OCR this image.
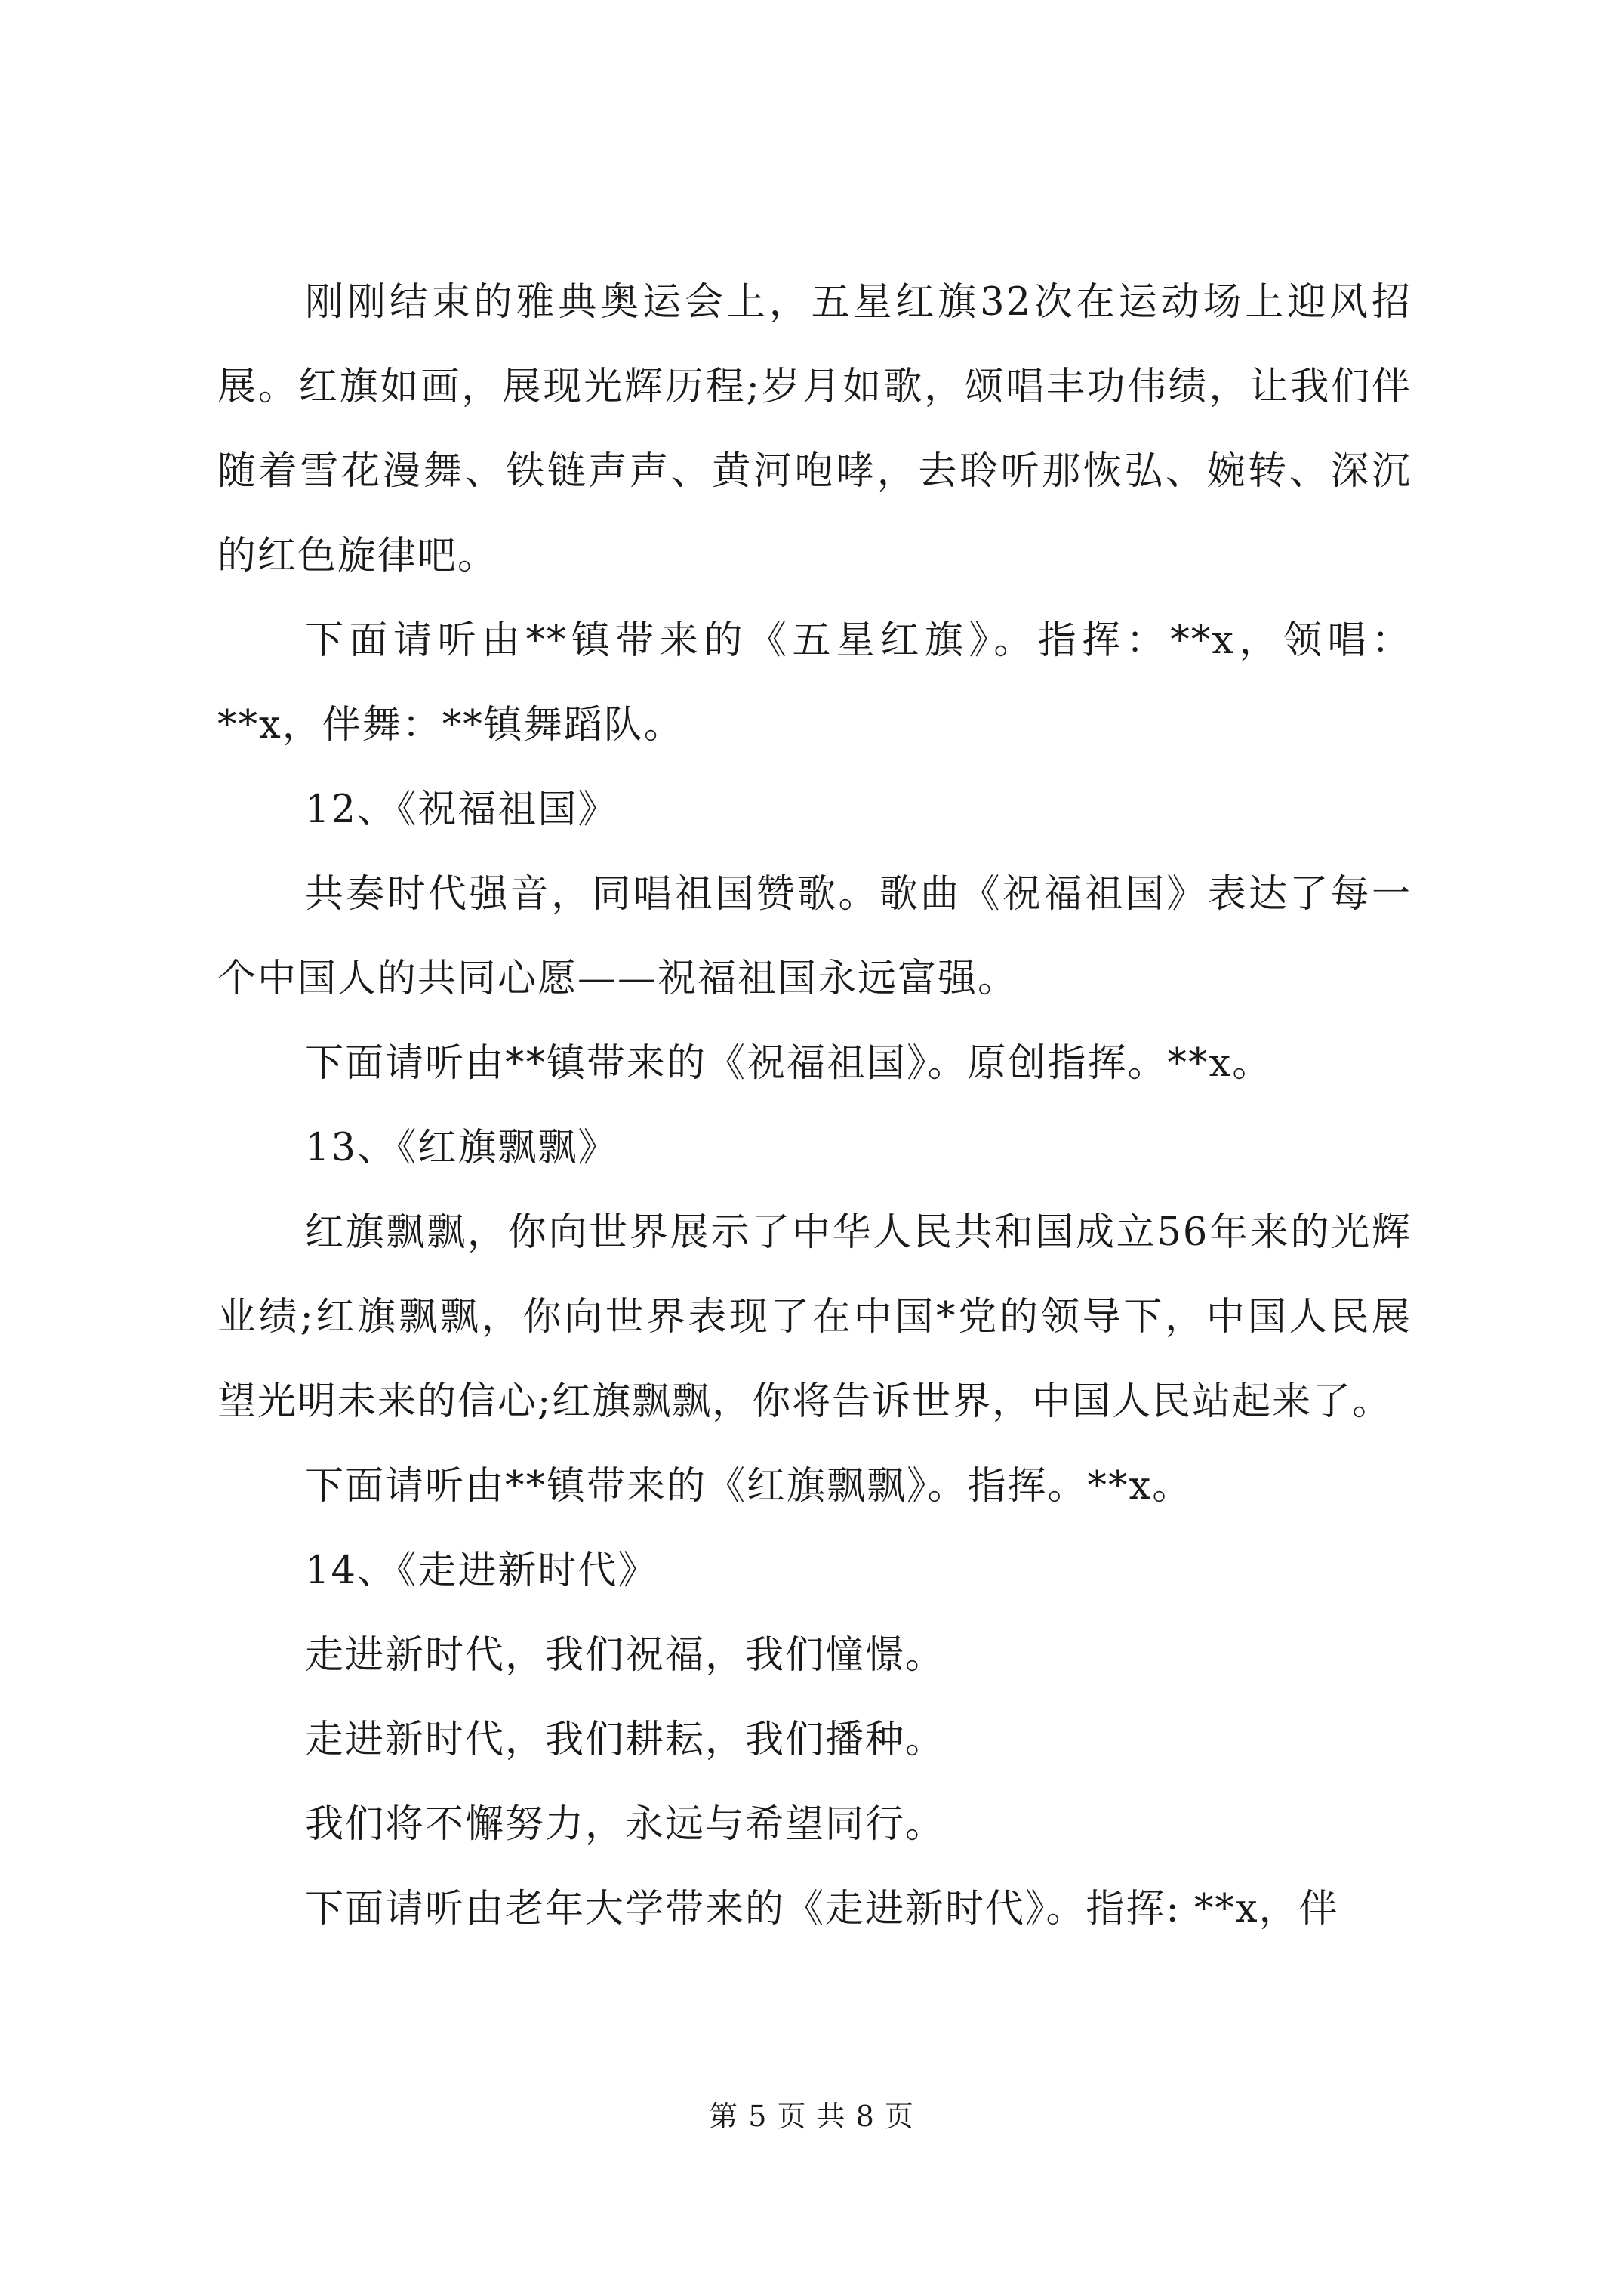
刚刚结束的雅典奥运会上，五星红旗32次在运动场上迎风招展。红旗如画，展现光辉历程;岁月如歌，颂唱丰功伟绩，让我们伴随着雪花漫舞、铁链声声、黄河咆哮，去聆听那恢弘、婉转、深沉的红色旋律吧。

下面请听由**镇带来的《五星红旗》。指挥：**x，领唱：**x，伴舞：**镇舞蹈队。

12、《祝福祖国》

共奏时代强音，同唱祖国赞歌。歌曲《祝福祖国》表达了每一个中国人的共同心愿——祝福祖国永远富强。

下面请听由**镇带来的《祝福祖国》。原创指挥。**x。

13、《红旗飘飘》

红旗飘飘，你向世界展示了中华人民共和国成立56年来的光辉业绩;红旗飘飘，你向世界表现了在中国*党的领导下，中国人民展望光明未来的信心;红旗飘飘，你将告诉世界，中国人民站起来了。

下面请听由**镇带来的《红旗飘飘》。指挥。**x。

14、《走进新时代》

走进新时代，我们祝福，我们憧憬。

走进新时代，我们耕耘，我们播种。

我们将不懈努力，永远与希望同行。

下面请听由老年大学带来的《走进新时代》。指挥: **x，伴

第 5 页 共 8 页
